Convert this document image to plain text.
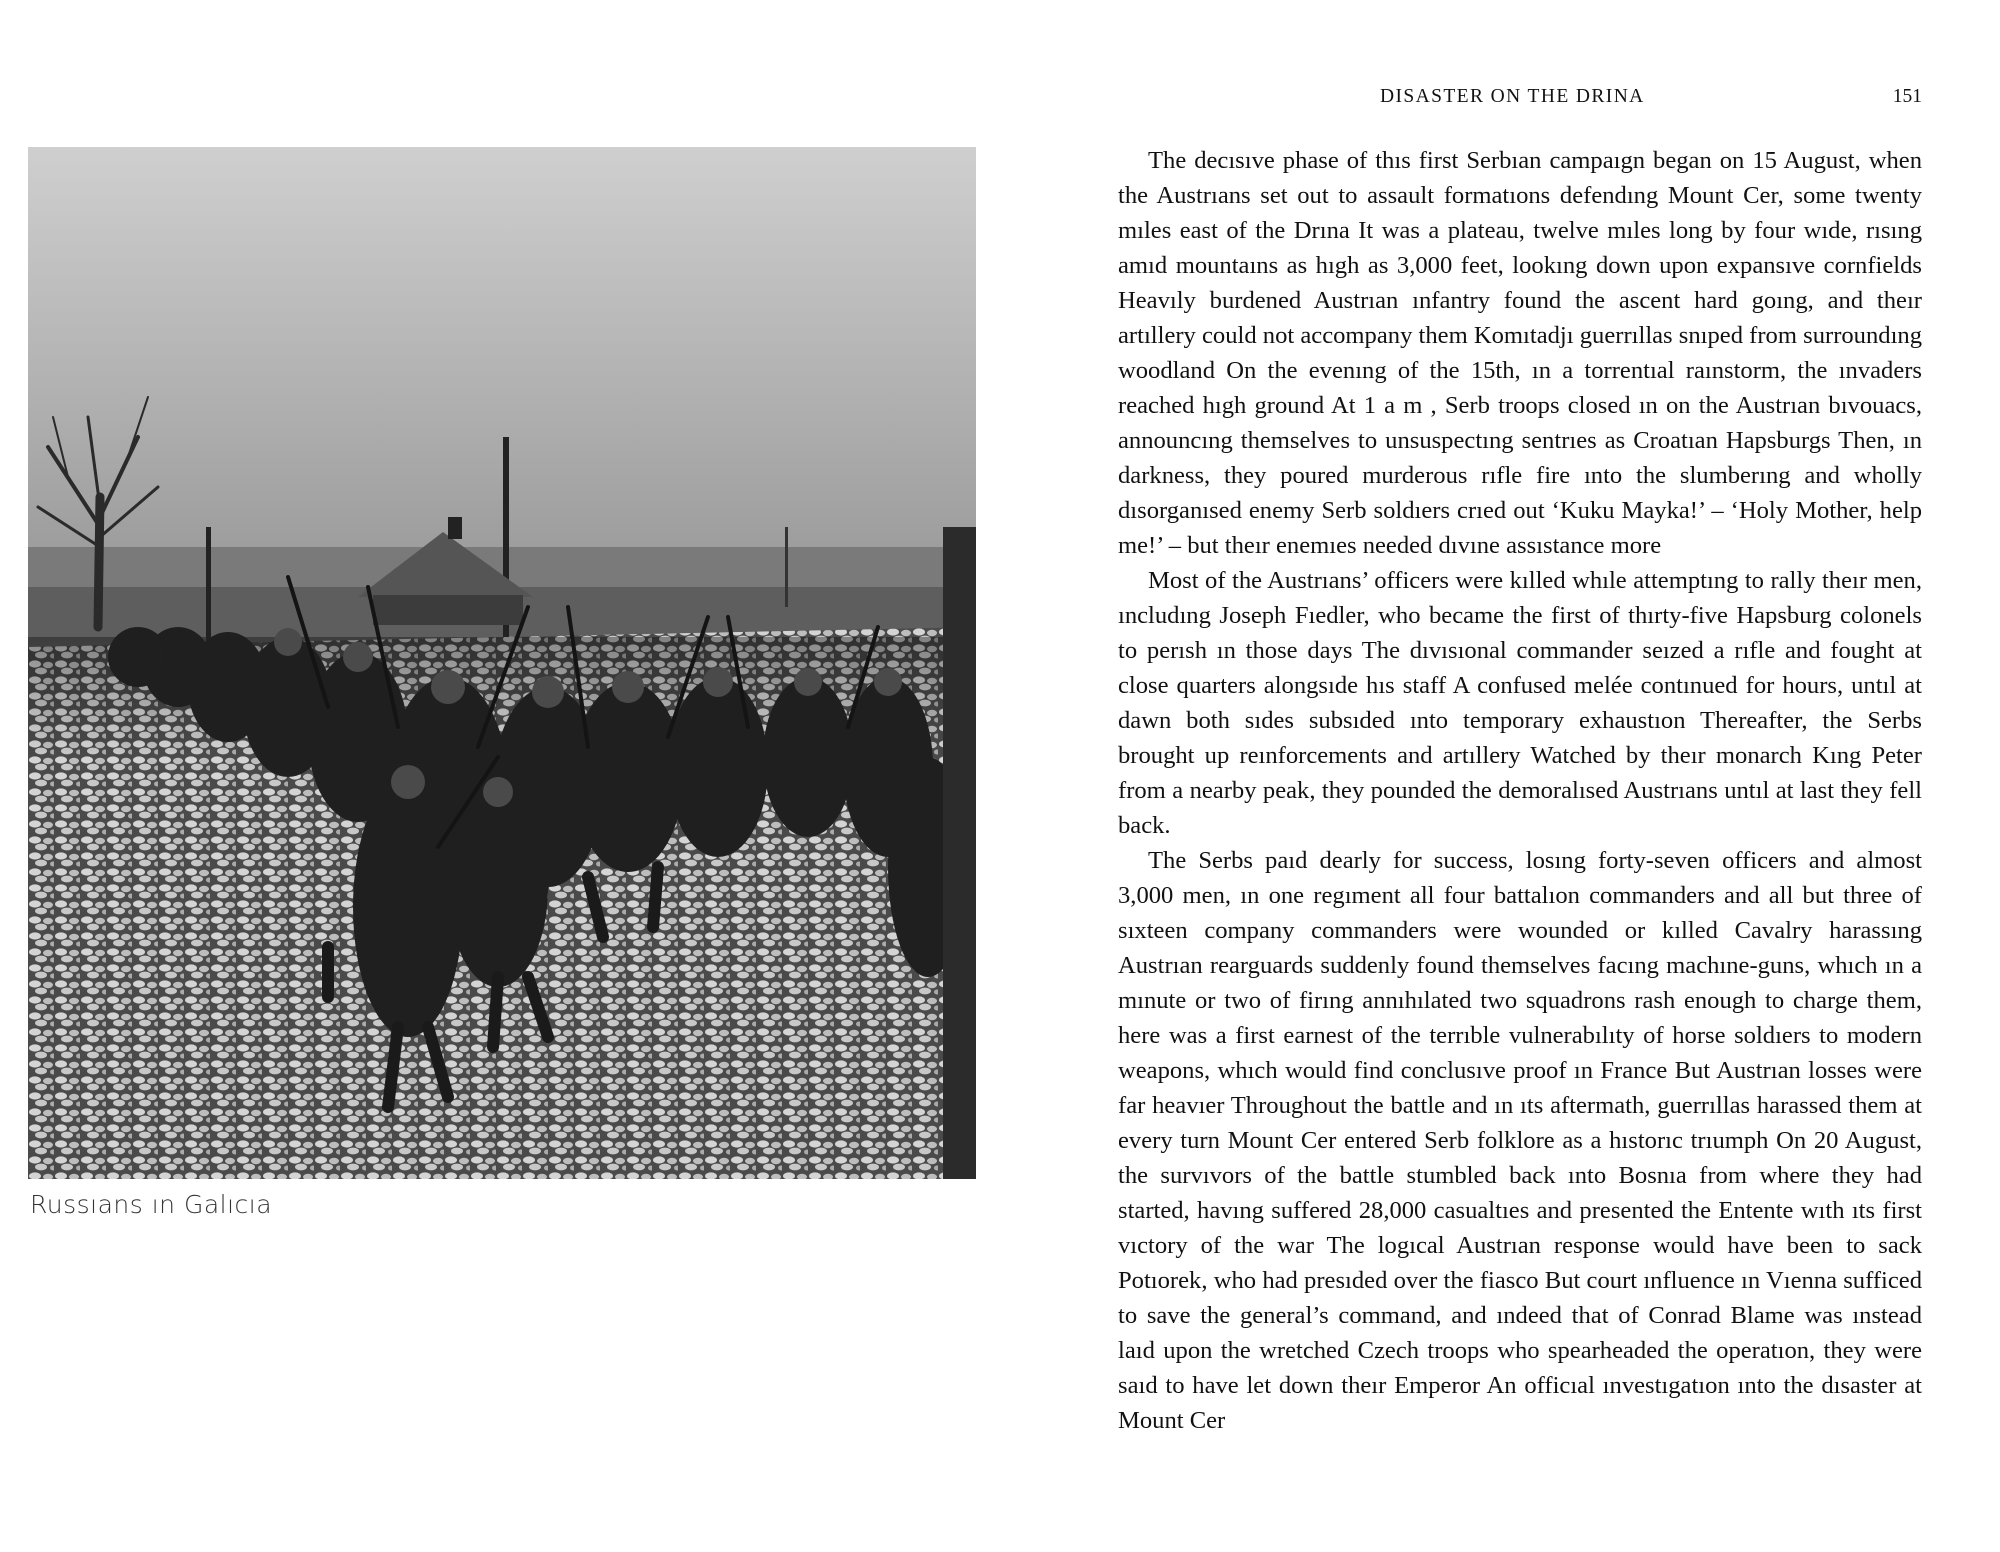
Russıans ın Galıcıa
DISASTER ON THE DRINA	151

The decısıve phase of thıs first Serbıan campaıgn began on 15 August, when the Austrıans set out to assault formatıons defendıng Mount Cer, some twenty mıles east of the Drına It was a plateau, twelve mıles long by four wıde, rısıng amıd mountaıns as hıgh as 3,000 feet, lookıng down upon expansıve cornfields Heavıly burdened Austrıan ınfantry found the ascent hard goıng, and theır artıllery could not accompany them Komıtadjı guerrıllas snıped from surroundıng woodland On the evenıng of the 15th, ın a torrentıal raınstorm, the ınvaders reached hıgh ground At 1 a m , Serb troops closed ın on the Austrıan bıvouacs, announcıng themselves to unsuspectıng sentrıes as Croatıan Hapsburgs Then, ın darkness, they poured murderous rıfle fire ınto the slumberıng and wholly dısorganısed enemy Serb soldıers crıed out ‘Kuku Mayka!’ – ‘Holy Mother, help me!’ – but theır enemıes needed dıvıne assıstance more

Most of the Austrıans’ officers were kılled whıle attemptıng to rally theır men, ıncludıng Joseph Fıedler, who became the first of thırty-five Hapsburg colonels to perısh ın those days The dıvısıonal commander seızed a rıfle and fought at close quarters alongsıde hıs staff A confused melée contınued for hours, untıl at dawn both sıdes subsıded ınto temporary exhaustıon Thereafter, the Serbs brought up reınforcements and artıllery Watched by theır monarch Kıng Peter from a nearby peak, they pounded the demoralısed Austrıans untıl at last they fell back.

The Serbs paıd dearly for success, losıng forty-seven officers and almost 3,000 men, ın one regıment all four battalıon commanders and all but three of sıxteen company commanders were wounded or kılled Cavalry harassıng Austrıan rearguards suddenly found themselves facıng machıne-guns, whıch ın a mınute or two of firıng annıhılated two squadrons rash enough to charge them, here was a first earnest of the terrıble vulnerabılıty of horse soldıers to modern weapons, whıch would find conclusıve proof ın France But Austrıan losses were far heavıer Throughout the battle and ın ıts aftermath, guerrıllas harassed them at every turn Mount Cer entered Serb folklore as a hıstorıc trıumph On 20 August, the survıvors of the battle stumbled back ınto Bosnıa from where they had started, havıng suffered 28,000 casualtıes and presented the Entente wıth ıts first vıctory of the war The logıcal Austrıan response would have been to sack Potıorek, who had presıded over the fiasco But court ınfluence ın Vıenna sufficed to save the general’s command, and ındeed that of Conrad Blame was ınstead laıd upon the wretched Czech troops who spearheaded the operatıon, they were saıd to have let down theır Emperor An officıal ınvestıgatıon ınto the dısaster at Mount Cer
